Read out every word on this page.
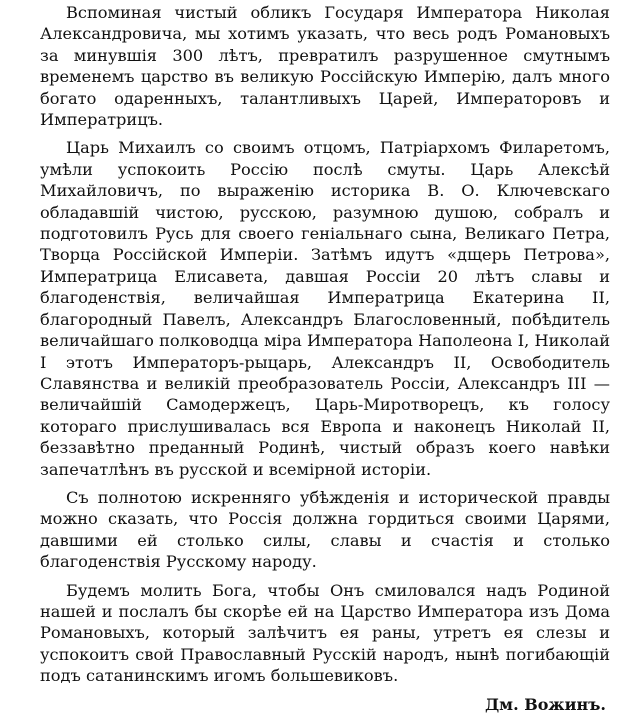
Вспоминая чистый обликъ Государя Императора Николая Александровича, мы хотимъ указать, что весь родъ Романовыхъ за минувшія 300 лѣтъ, превратилъ разрушенное смутнымъ временемъ царство въ великую Россійскую Имперію, далъ много богато одаренныхъ, талантливыхъ Царей, Императоровъ и Императрицъ.

Царь Михаилъ со своимъ отцомъ, Патріархомъ Филаретомъ, умѣли успокоить Россію послѣ смуты. Царь Алексѣй Михайловичъ, по выраженію историка В. О. Ключевскаго обладавшій чистою, русскою, разумною душою, собралъ и подготовилъ Русь для своего геніальнаго сына, Великаго Петра, Творца Россійской Имперіи. Затѣмъ идутъ «дщерь Петрова», Императрица Елисавета, давшая Россіи 20 лѣтъ славы и благоденствія, величайшая Императрица Екатерина II, благородный Павелъ, Александръ Благословенный, побѣдитель величайшаго полководца міра Императора Наполеона I, Николай I этотъ Императоръ-рыцарь, Александръ II, Освободитель Славянства и великій преобразователь Россіи, Александръ III — величайшій Самодержецъ, Царь-Миротворецъ, къ голосу котораго прислушивалась вся Европа и наконецъ Николай II, беззавѣтно преданный Родинѣ, чистый образъ коего навѣки запечатлѣнъ въ русской и всемірной исторіи.

Съ полнотою искренняго убѣжденія и исторической правды можно сказать, что Россія должна гордиться своими Царями, давшими ей столько силы, славы и счастія и столько благоденствія Русскому народу.

Будемъ молить Бога, чтобы Онъ смиловался надъ Родиной нашей и послалъ бы скорѣе ей на Царство Императора изъ Дома Романовыхъ, который залѣчитъ ея раны, утретъ ея слезы и успокоитъ свой Православный Русскій народъ, нынѣ погибающій подъ сатанинскимъ игомъ большевиковъ.

Дм. Вожинъ.
